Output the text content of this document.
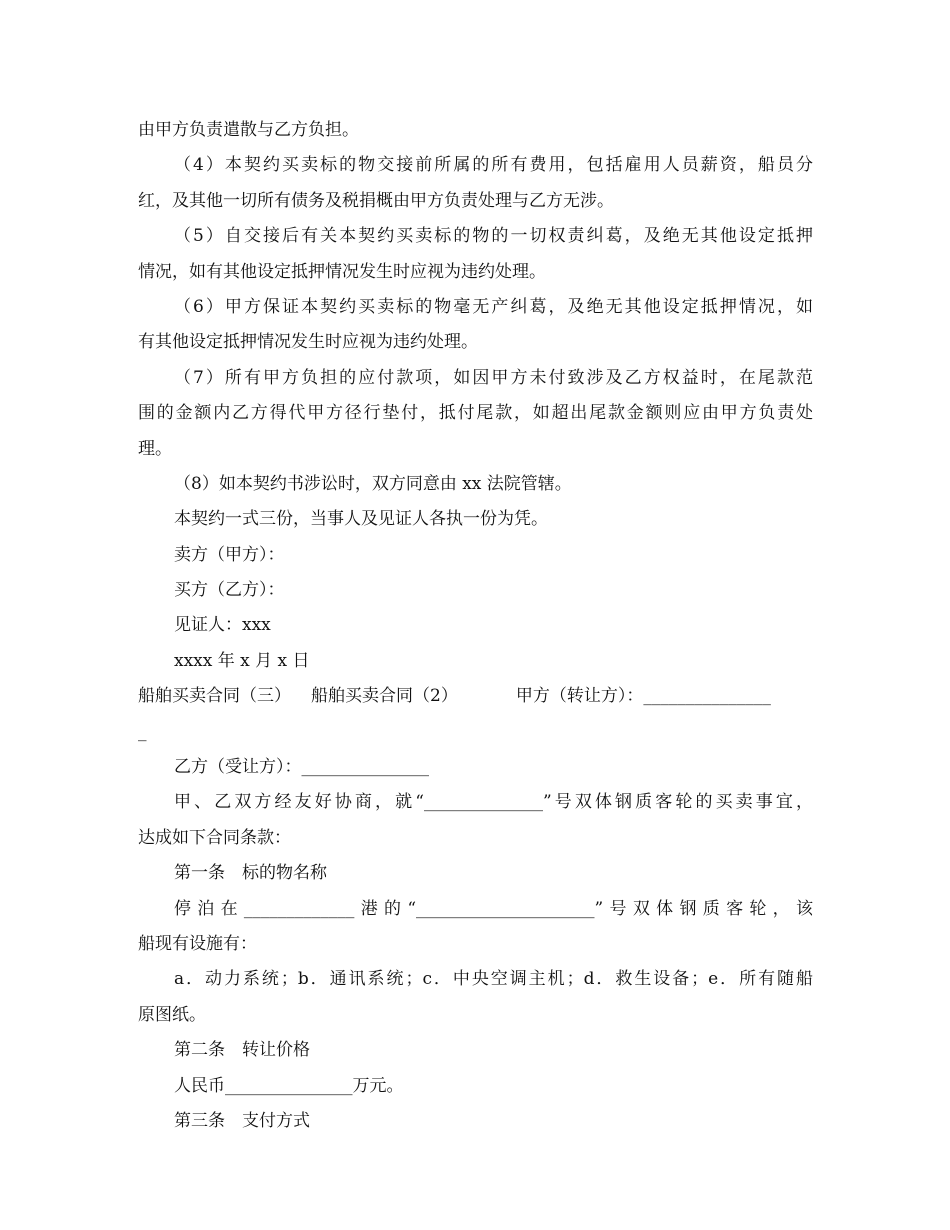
由甲方负责遣散与乙方负担。
（4）本契约买卖标的物交接前所属的所有费用，包括雇用人员薪资，船员分
红，及其他一切所有债务及税捐概由甲方负责处理与乙方无涉。
（5）自交接后有关本契约买卖标的物的一切权责纠葛，及绝无其他设定抵押
情况，如有其他设定抵押情况发生时应视为违约处理。
（6）甲方保证本契约买卖标的物毫无产纠葛，及绝无其他设定抵押情况，如
有其他设定抵押情况发生时应视为违约处理。
（7）所有甲方负担的应付款项，如因甲方未付致涉及乙方权益时，在尾款范
围的金额内乙方得代甲方径行垫付，抵付尾款，如超出尾款金额则应由甲方负责处
理。
（8）如本契约书涉讼时，双方同意由 xx 法院管辖。
本契约一式三份，当事人及见证人各执一份为凭。
卖方（甲方）：
买方（乙方）：
见证人：xxx
xxxx 年 x 月 x 日
船舶买卖合同（三） 船舶买卖合同（2）	甲方（转让方）：_______________
_
乙方（受让方）：_______________
甲、乙双方经友好协商，就“______________”号双体钢质客轮的买卖事宜，
达成如下合同条款：
第一条　标的物名称
停泊在_____________港的“_____________________”号双体钢质客轮，该
船现有设施有：
a．动力系统；b．通讯系统；c．中央空调主机；d．救生设备；e．所有随船
原图纸。
第二条　转让价格
人民币_______________万元。
第三条　支付方式
